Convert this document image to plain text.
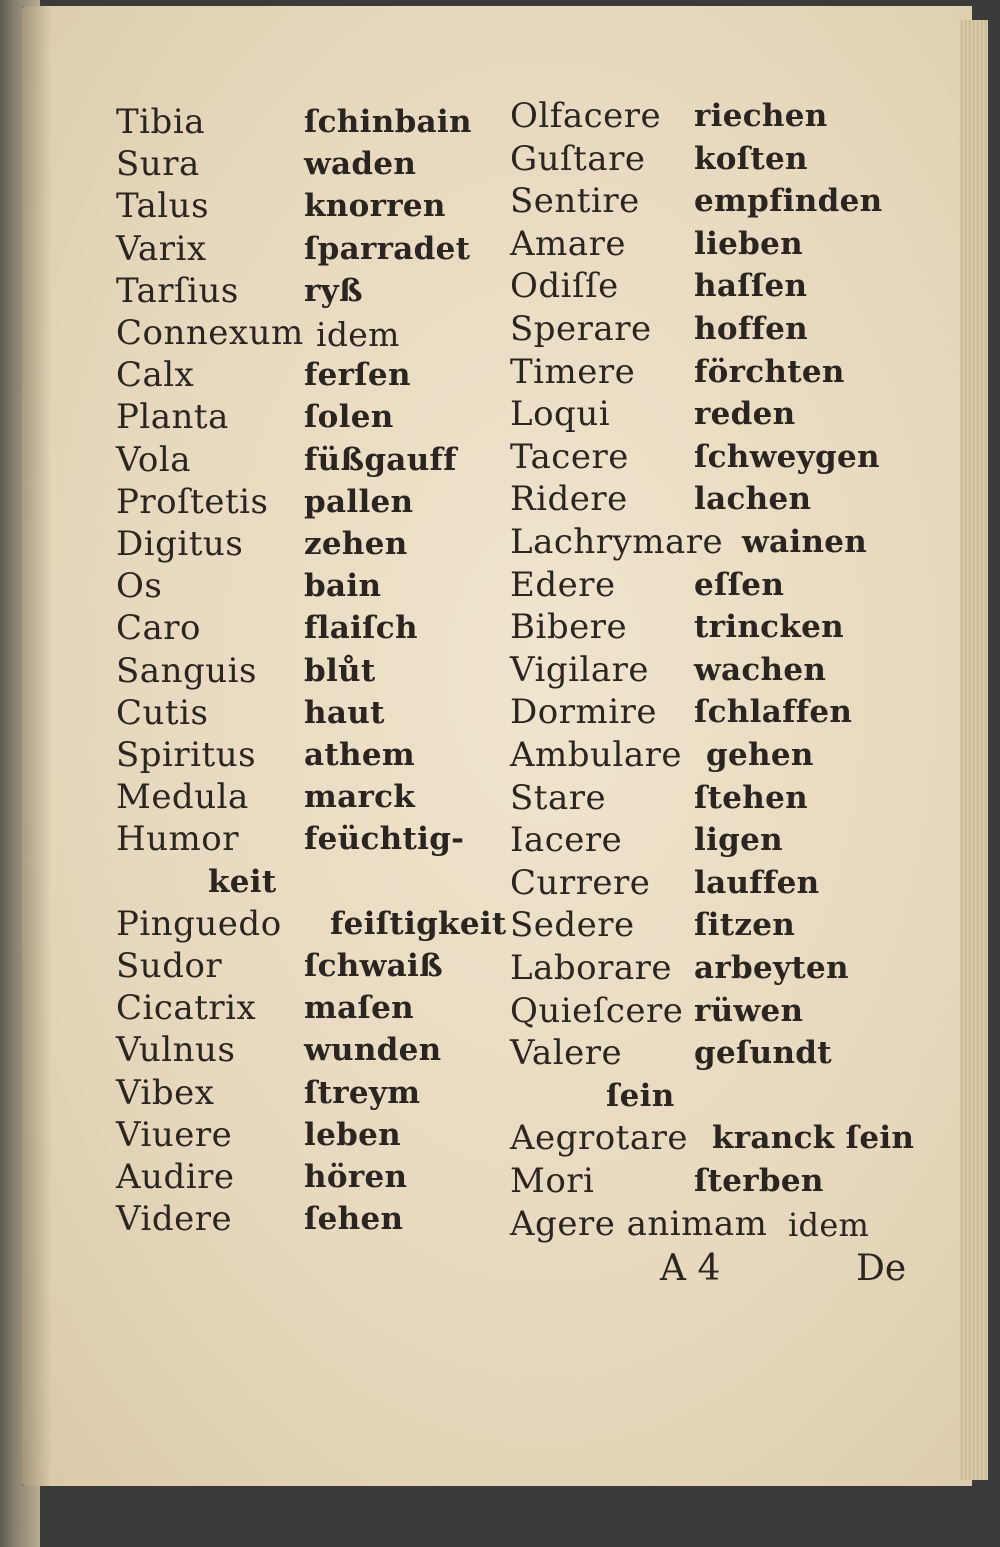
Tibia	ſchinbain
Sura	waden
Talus	knorren
Varix	ſparradet
Tarſius ryß
Connexum idem
Calx	ferſen
Planta ſolen
Vola	füßgauff
Proſtetis pallen
Digitus zehen
Os	bain
Caro	flaiſch
Sanguis blůt
Cutis	haut
Spiritus athem
Medula marck
Humor feüchtig-
keit
Pinguedo feiſtigkeit
Sudor	ſchwaiß
Cicatrix maſen
Vulnus wunden
Vibex	ſtreym
Viuere leben
Audire hören
Videre ſehen
Olfacere riechen
Guſtare koſten
Sentire empfinden
Amare lieben
Odiſſe haſſen
Sperare hoffen
Timere förchten
Loqui	reden
Tacere ſchweygen
Ridere lachen
Lachrymare wainen
Edere	eſſen
Bibere trincken
Vigilare wachen
Dormire ſchlaffen
Ambulare gehen
Stare	ſtehen
Iacere ligen
Currere lauffen
Sedere ſitzen
Laborare arbeyten
Quieſcere rüwen
Valere geſundt
ſein
Aegrotare kranck ſein
Mori	ſterben
Agere animam idem
A 4	De
